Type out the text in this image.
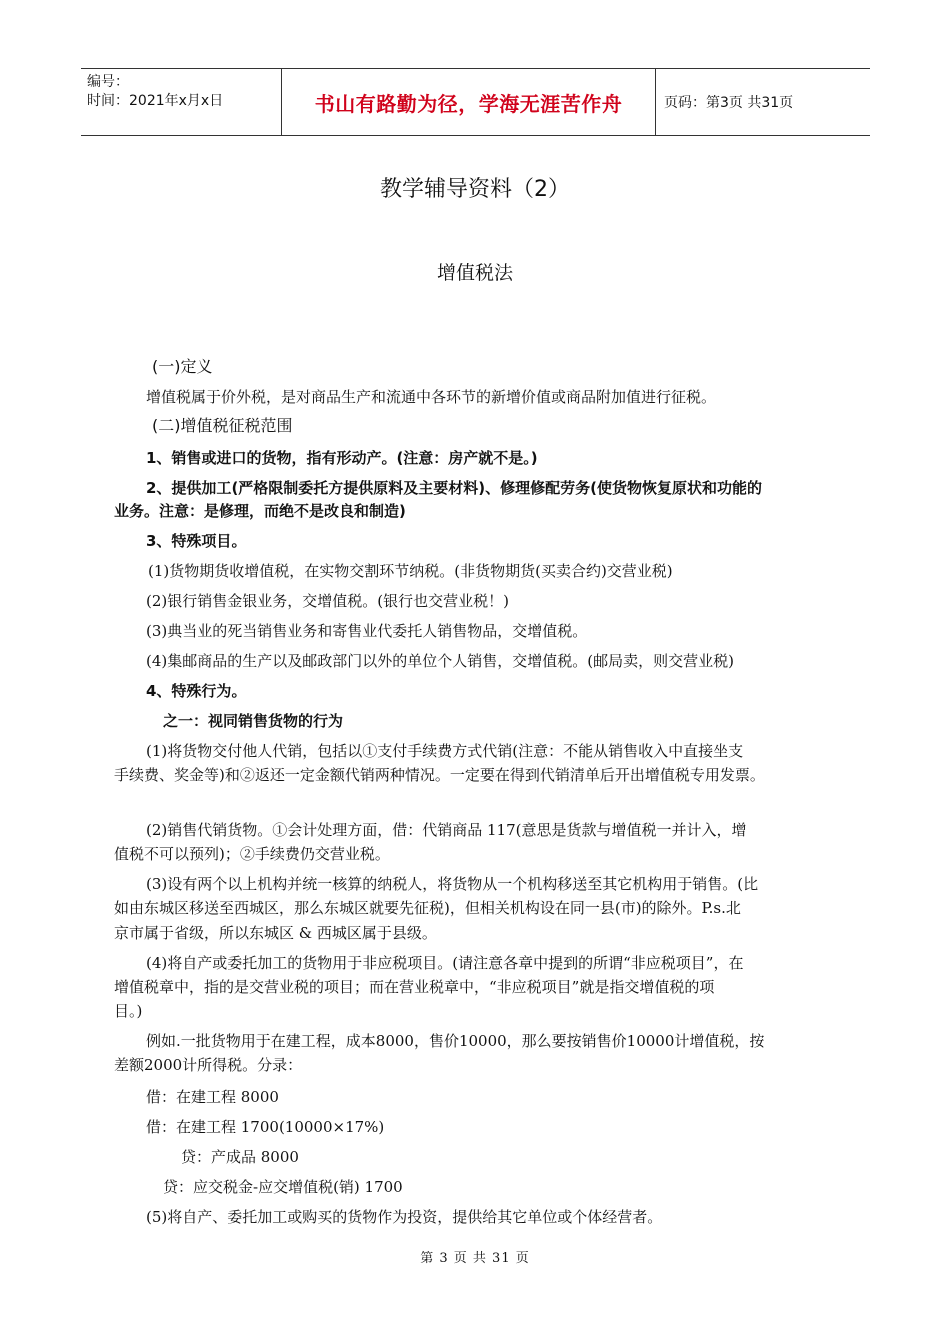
编号：
时间：2021年x月x日	书山有路勤为径，学海无涯苦作舟	页码：第3页 共31页
教学辅导资料（2）
增值税法
(一)定义
增值税属于价外税，是对商品生产和流通中各环节的新增价值或商品附加值进行征税。
(二)增值税征税范围
1、销售或进口的货物，指有形动产。(注意：房产就不是。)
2、提供加工(严格限制委托方提供原料及主要材料)、修理修配劳务(使货物恢复原状和功能的
业务。注意：是修理，而绝不是改良和制造)
3、特殊项目。
(1)货物期货收增值税，在实物交割环节纳税。(非货物期货(买卖合约)交营业税)
(2)银行销售金银业务，交增值税。(银行也交营业税！)
(3)典当业的死当销售业务和寄售业代委托人销售物品，交增值税。
(4)集邮商品的生产以及邮政部门以外的单位个人销售，交增值税。(邮局卖，则交营业税)
4、特殊行为。
之一：视同销售货物的行为
(1)将货物交付他人代销，包括以①支付手续费方式代销(注意：不能从销售收入中直接坐支
手续费、奖金等)和②返还一定金额代销两种情况。一定要在得到代销清单后开出增值税专用发票。
(2)销售代销货物。①会计处理方面，借：代销商品 117(意思是货款与增值税一并计入，增
值税不可以预列)；②手续费仍交营业税。
(3)设有两个以上机构并统一核算的纳税人，将货物从一个机构移送至其它机构用于销售。(比
如由东城区移送至西城区，那么东城区就要先征税)，但相关机构设在同一县(市)的除外。P.s.北
京市属于省级，所以东城区 & 西城区属于县级。
(4)将自产或委托加工的货物用于非应税项目。(请注意各章中提到的所谓“非应税项目”，在
增值税章中，指的是交营业税的项目；而在营业税章中，“非应税项目”就是指交增值税的项
目。)
例如.一批货物用于在建工程，成本8000，售价10000，那么要按销售价10000计增值税，按
差额2000计所得税。分录：
借：在建工程 8000
借：在建工程 1700(10000×17%)
贷：产成品 8000
贷：应交税金-应交增值税(销) 1700
(5)将自产、委托加工或购买的货物作为投资，提供给其它单位或个体经营者。
第 3 页 共 31 页
